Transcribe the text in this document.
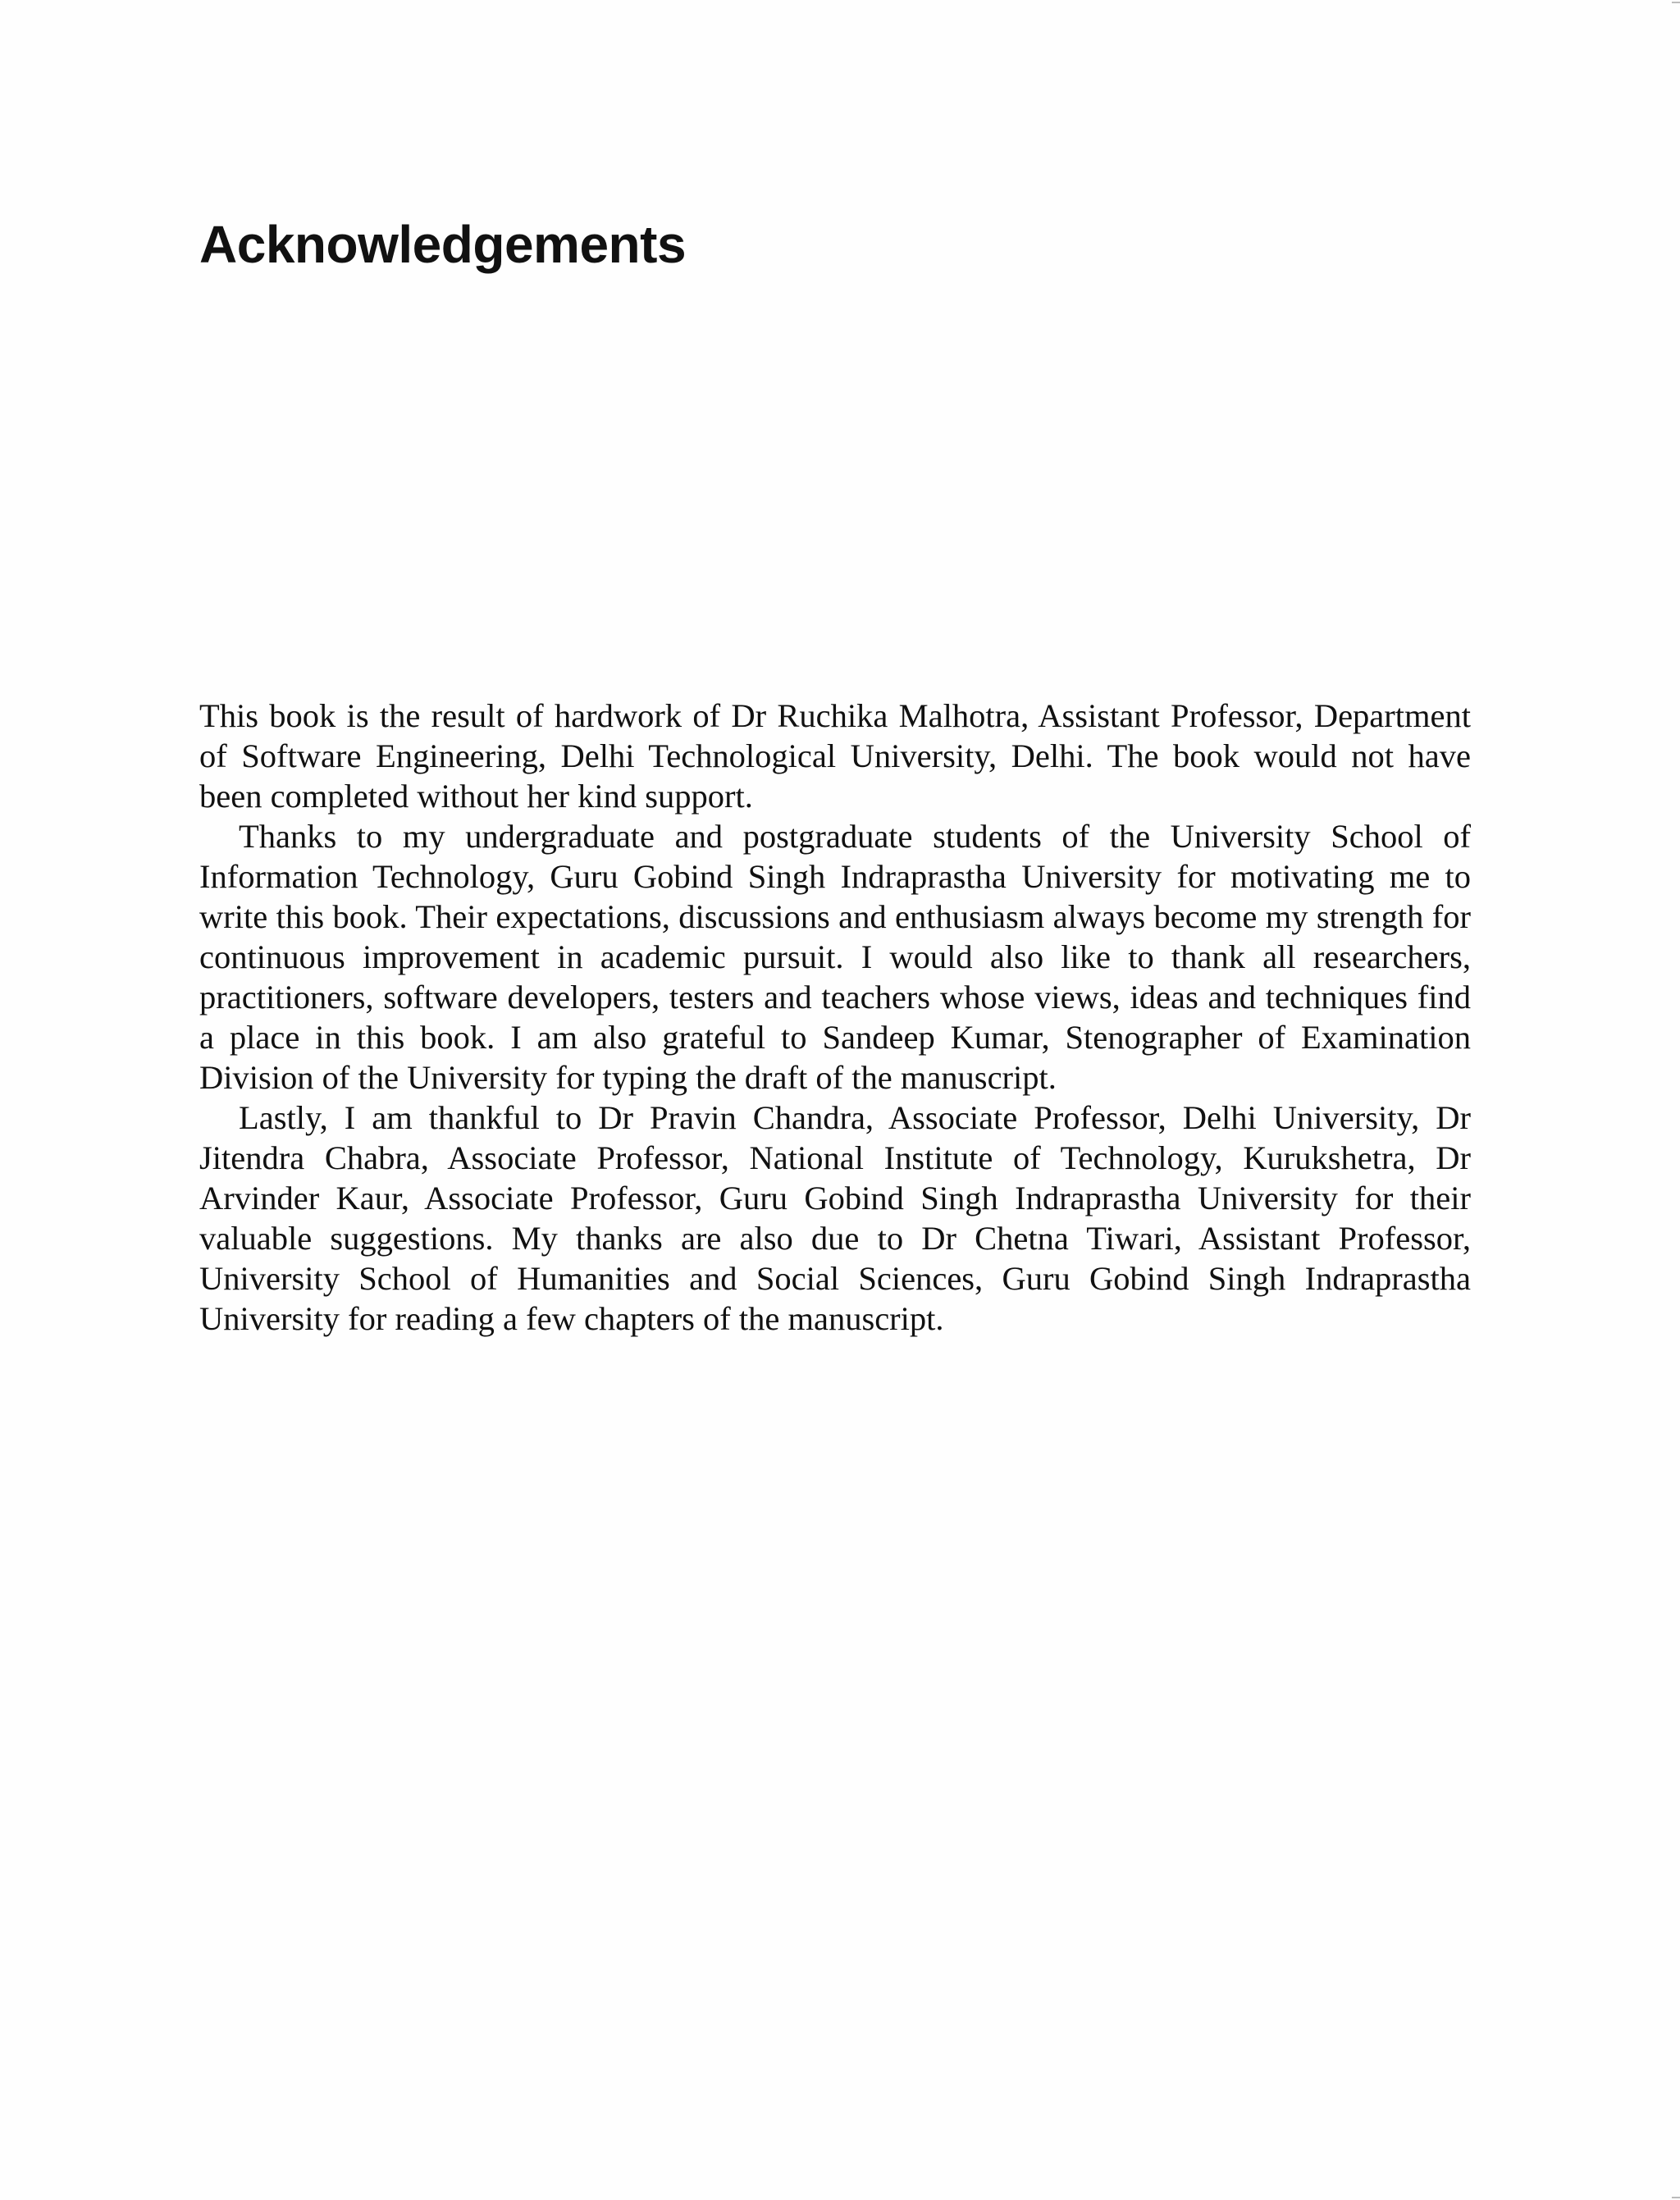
Acknowledgements

This book is the result of hardwork of Dr Ruchika Malhotra, Assistant Professor, Department of Software Engineering, Delhi Technological University, Delhi. The book would not have been completed without her kind support.

Thanks to my undergraduate and postgraduate students of the University School of Information Technology, Guru Gobind Singh Indraprastha University for motivating me to write this book. Their expectations, discussions and enthusiasm always become my strength for continuous improvement in academic pursuit. I would also like to thank all researchers, practitioners, software developers, testers and teachers whose views, ideas and techniques find a place in this book. I am also grateful to Sandeep Kumar, Stenographer of Examination Division of the University for typing the draft of the manuscript.

Lastly, I am thankful to Dr Pravin Chandra, Associate Professor, Delhi University, Dr Jitendra Chabra, Associate Professor, National Institute of Technology, Kurukshetra, Dr Arvinder Kaur, Associate Professor, Guru Gobind Singh Indraprastha University for their valuable suggestions. My thanks are also due to Dr Chetna Tiwari, Assistant Professor, University School of Humanities and Social Sciences, Guru Gobind Singh Indraprastha University for reading a few chapters of the manuscript.
